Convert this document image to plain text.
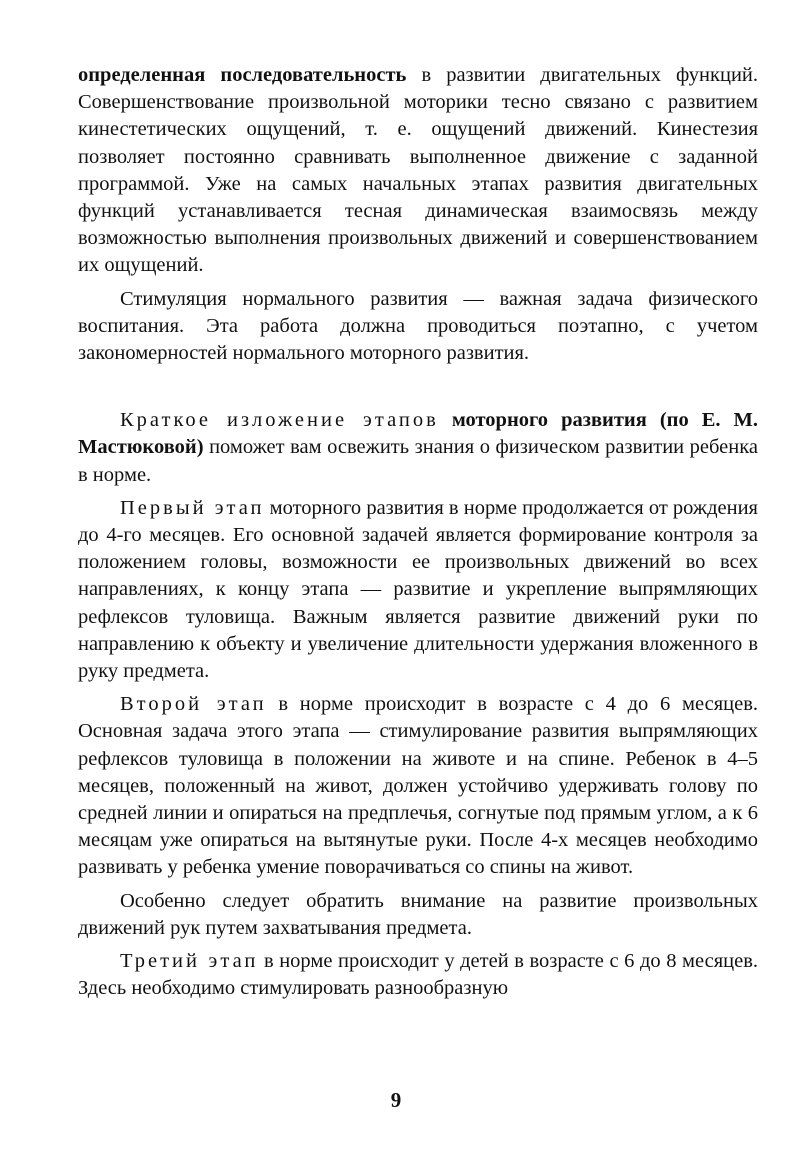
определенная последовательность в развитии двигательных функций. Совершенствование произвольной моторики тесно связано с развитием кинестетических ощущений, т. е. ощущений движений. Кинестезия позволяет постоянно сравнивать выполненное движение с заданной программой. Уже на самых начальных этапах развития двигательных функций устанавливается тесная динамическая взаимосвязь между возможностью выполнения произвольных движений и совершенствованием их ощущений.

Стимуляция нормального развития — важная задача физического воспитания. Эта работа должна проводиться поэтапно, с учетом закономерностей нормального моторного развития.

Краткое изложение этапов моторного развития (по Е. М. Мастюковой) поможет вам освежить знания о физическом развитии ребенка в норме.

Первый этап моторного развития в норме продолжается от рождения до 4-го месяцев. Его основной задачей является формирование контроля за положением головы, возможности ее произвольных движений во всех направлениях, к концу этапа — развитие и укрепление выпрямляющих рефлексов туловища. Важным является развитие движений руки по направлению к объекту и увеличение длительности удержания вложенного в руку предмета.

Второй этап в норме происходит в возрасте с 4 до 6 месяцев. Основная задача этого этапа — стимулирование развития выпрямляющих рефлексов туловища в положении на животе и на спине. Ребенок в 4–5 месяцев, положенный на живот, должен устойчиво удерживать голову по средней линии и опираться на предплечья, согнутые под прямым углом, а к 6 месяцам уже опираться на вытянутые руки. После 4-х месяцев необходимо развивать у ребенка умение поворачиваться со спины на живот.

Особенно следует обратить внимание на развитие произвольных движений рук путем захватывания предмета.

Третий этап в норме происходит у детей в возрасте с 6 до 8 месяцев. Здесь необходимо стимулировать разнообразную

9
